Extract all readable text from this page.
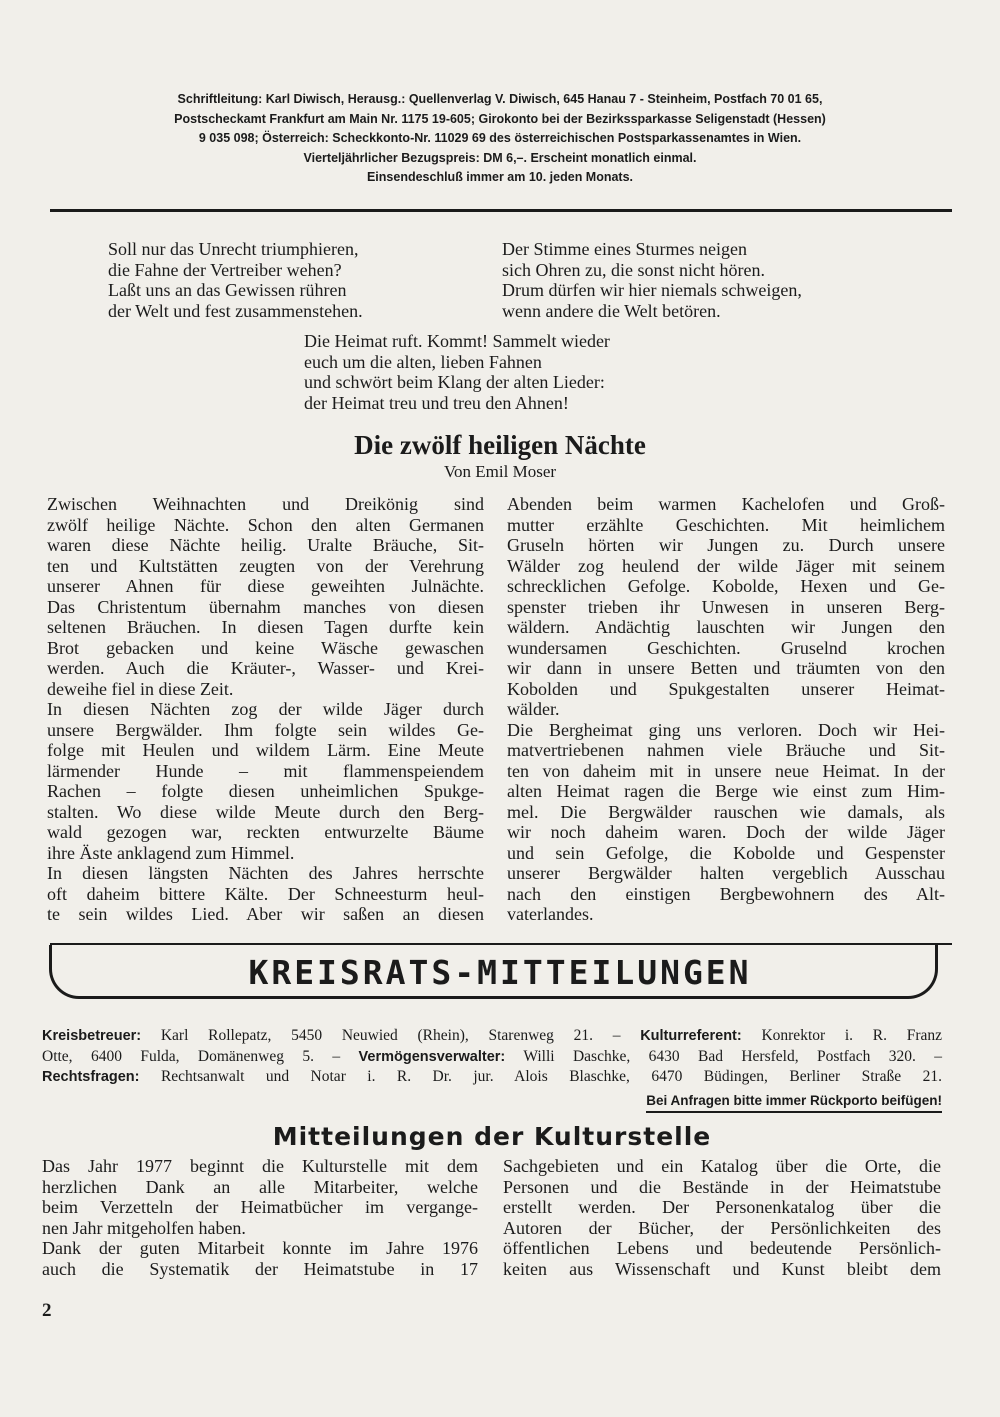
Schriftleitung: Karl Diwisch, Herausg.: Quellenverlag V. Diwisch, 645 Hanau 7 - Steinheim, Postfach 70 01 65,
Postscheckamt Frankfurt am Main Nr. 1175 19-605; Girokonto bei der Bezirkssparkasse Seligenstadt (Hessen)
9 035 098; Österreich: Scheckkonto-Nr. 11029 69 des österreichischen Postsparkassenamtes in Wien.
Vierteljährlicher Bezugspreis: DM 6,–. Erscheint monatlich einmal.
Einsendeschluß immer am 10. jeden Monats.
Soll nur das Unrecht triumphieren,
die Fahne der Vertreiber wehen?
Laßt uns an das Gewissen rühren
der Welt und fest zusammenstehen.
Der Stimme eines Sturmes neigen
sich Ohren zu, die sonst nicht hören.
Drum dürfen wir hier niemals schweigen,
wenn andere die Welt betören.
Die Heimat ruft. Kommt! Sammelt wieder
euch um die alten, lieben Fahnen
und schwört beim Klang der alten Lieder:
der Heimat treu und treu den Ahnen!
Die zwölf heiligen Nächte
Von Emil Moser

Zwischen Weihnachten und Dreikönig sind
zwölf heilige Nächte. Schon den alten Germanen
waren diese Nächte heilig. Uralte Bräuche, Sit-
ten und Kultstätten zeugten von der Verehrung
unserer Ahnen für diese geweihten Julnächte.
Das Christentum übernahm manches von diesen
seltenen Bräuchen. In diesen Tagen durfte kein
Brot gebacken und keine Wäsche gewaschen
werden. Auch die Kräuter-, Wasser- und Krei-
deweihe fiel in diese Zeit.
In diesen Nächten zog der wilde Jäger durch
unsere Bergwälder. Ihm folgte sein wildes Ge-
folge mit Heulen und wildem Lärm. Eine Meute
lärmender Hunde – mit flammenspeiendem
Rachen – folgte diesen unheimlichen Spukge-
stalten. Wo diese wilde Meute durch den Berg-
wald gezogen war, reckten entwurzelte Bäume
ihre Äste anklagend zum Himmel.
In diesen längsten Nächten des Jahres herrschte
oft daheim bittere Kälte. Der Schneesturm heul-
te sein wildes Lied. Aber wir saßen an diesen

Abenden beim warmen Kachelofen und Groß-
mutter erzählte Geschichten. Mit heimlichem
Gruseln hörten wir Jungen zu. Durch unsere
Wälder zog heulend der wilde Jäger mit seinem
schrecklichen Gefolge. Kobolde, Hexen und Ge-
spenster trieben ihr Unwesen in unseren Berg-
wäldern. Andächtig lauschten wir Jungen den
wundersamen Geschichten. Gruselnd krochen
wir dann in unsere Betten und träumten von den
Kobolden und Spukgestalten unserer Heimat-
wälder.
Die Bergheimat ging uns verloren. Doch wir Hei-
matvertriebenen nahmen viele Bräuche und Sit-
ten von daheim mit in unsere neue Heimat. In der
alten Heimat ragen die Berge wie einst zum Him-
mel. Die Bergwälder rauschen wie damals, als
wir noch daheim waren. Doch der wilde Jäger
und sein Gefolge, die Kobolde und Gespenster
unserer Bergwälder halten vergeblich Ausschau
nach den einstigen Bergbewohnern des Alt-
vaterlandes.

KREISRATS-MITTEILUNGEN
Kreisbetreuer: Karl Rollepatz, 5450 Neuwied (Rhein), Starenweg 21. – Kulturreferent: Konrektor i. R. Franz
Otte, 6400 Fulda, Domänenweg 5. – Vermögensverwalter: Willi Daschke, 6430 Bad Hersfeld, Postfach 320. –
Rechtsfragen: Rechtsanwalt und Notar i. R. Dr. jur. Alois Blaschke, 6470 Büdingen, Berliner Straße 21.
Bei Anfragen bitte immer Rückporto beifügen!
Mitteilungen der Kulturstelle

Das Jahr 1977 beginnt die Kulturstelle mit dem
herzlichen Dank an alle Mitarbeiter, welche
beim Verzetteln der Heimatbücher im vergange-
nen Jahr mitgeholfen haben.
Dank der guten Mitarbeit konnte im Jahre 1976
auch die Systematik der Heimatstube in 17

Sachgebieten und ein Katalog über die Orte, die
Personen und die Bestände in der Heimatstube
erstellt werden. Der Personenkatalog über die
Autoren der Bücher, der Persönlichkeiten des
öffentlichen Lebens und bedeutende Persönlich-
keiten aus Wissenschaft und Kunst bleibt dem

2
